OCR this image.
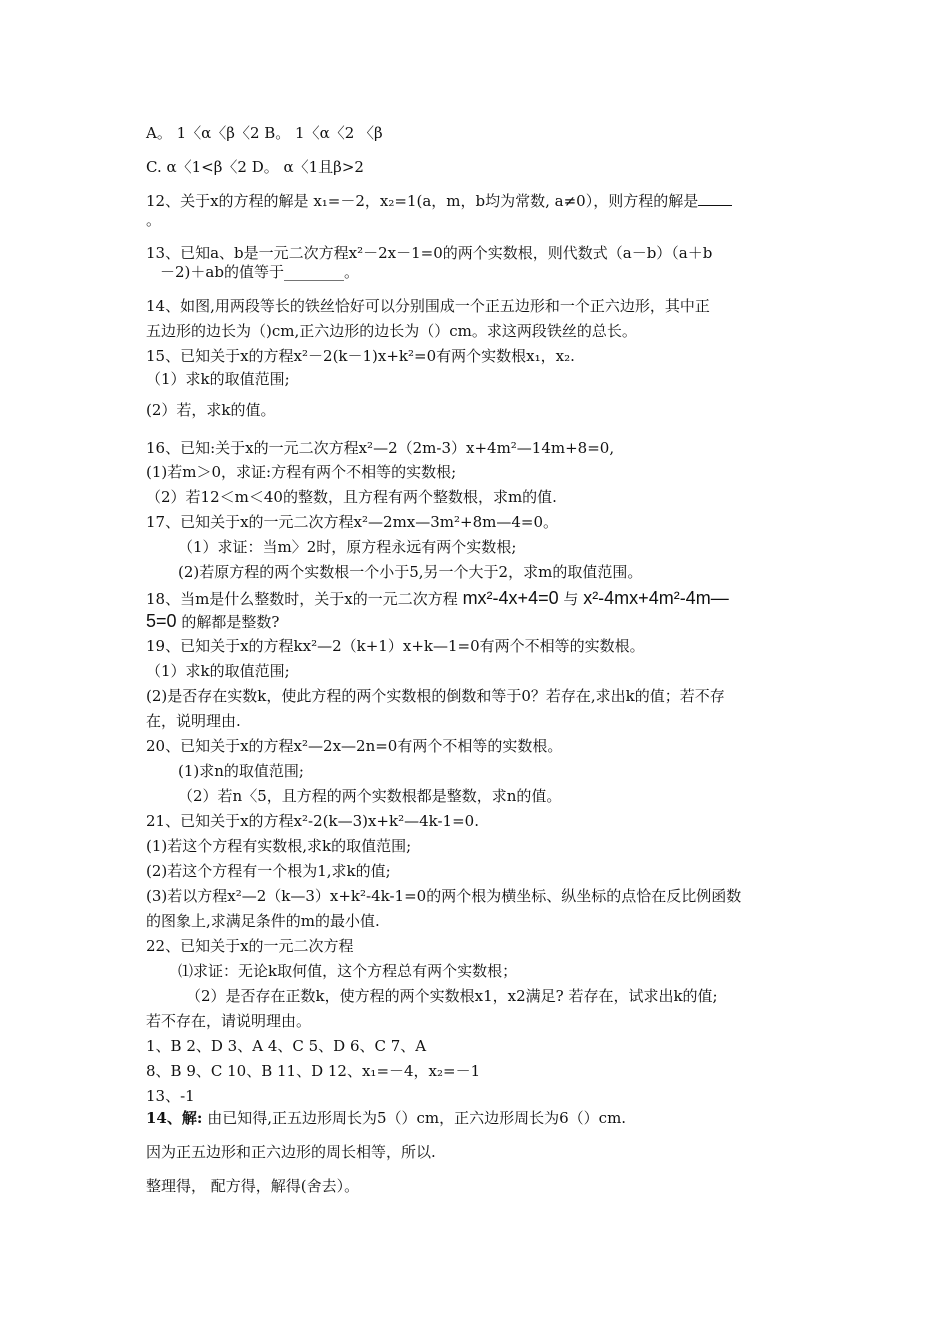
A。 1〈α〈β〈2 B。 1〈α〈2 〈β
C. α〈1<β〈2 D。 α〈1且β>2
12、关于x的方程的解是 x₁=－2，x₂=1(a，m，b均为常数, a≠0），则方程的解是
。
13、已知a、b是一元二次方程x²－2x－1=0的两个实数根，则代数式（a－b）（a＋b
－2)＋ab的值等于________。
14、如图,用两段等长的铁丝恰好可以分别围成一个正五边形和一个正六边形，其中正
五边形的边长为（)cm,正六边形的边长为（）cm。求这两段铁丝的总长。
15、已知关于x的方程x²－2(k－1)x+k²=0有两个实数根x₁，x₂.
（1）求k的取值范围;
(2）若，求k的值。
16、已知:关于x的一元二次方程x²—2（2m-3）x+4m²—14m+8=0,
(1)若m＞0，求证:方程有两个不相等的实数根;
（2）若12＜m＜40的整数，且方程有两个整数根，求m的值.
17、已知关于x的一元二次方程x²—2mx—3m²+8m—4=0。
（1）求证：当m〉2时，原方程永远有两个实数根;
(2)若原方程的两个实数根一个小于5,另一个大于2，求m的取值范围。
18、当m是什么整数时，关于x的一元二次方程 mx²-4x+4=0 与 x²-4mx+4m²-4m—
5=0 的解都是整数?
19、已知关于x的方程kx²—2（k+1）x+k—1=0有两个不相等的实数根。
（1）求k的取值范围;
(2)是否存在实数k，使此方程的两个实数根的倒数和等于0？若存在,求出k的值；若不存
在，说明理由.
20、已知关于x的方程x²—2x—2n=0有两个不相等的实数根。
(1)求n的取值范围;
（2）若n〈5，且方程的两个实数根都是整数，求n的值。
21、已知关于x的方程x²-2(k—3)x+k²—4k-1=0.
(1)若这个方程有实数根,求k的取值范围;
(2)若这个方程有一个根为1,求k的值;
(3)若以方程x²—2（k—3）x+k²-4k-1=0的两个根为横坐标、纵坐标的点恰在反比例函数
的图象上,求满足条件的m的最小值.
22、已知关于x的一元二次方程
⑴求证：无论k取何值，这个方程总有两个实数根；
（2）是否存在正数k，使方程的两个实数根x1，x2满足? 若存在，试求出k的值;
若不存在，请说明理由。
1、B 2、D 3、A 4、C 5、D 6、C 7、A
8、B 9、C 10、B 11、D 12、x₁=－4，x₂=－1
13、-1
14、解: 由已知得,正五边形周长为5（）cm，正六边形周长为6（）cm.
因为正五边形和正六边形的周长相等，所以.
整理得， 配方得，解得(舍去）。
